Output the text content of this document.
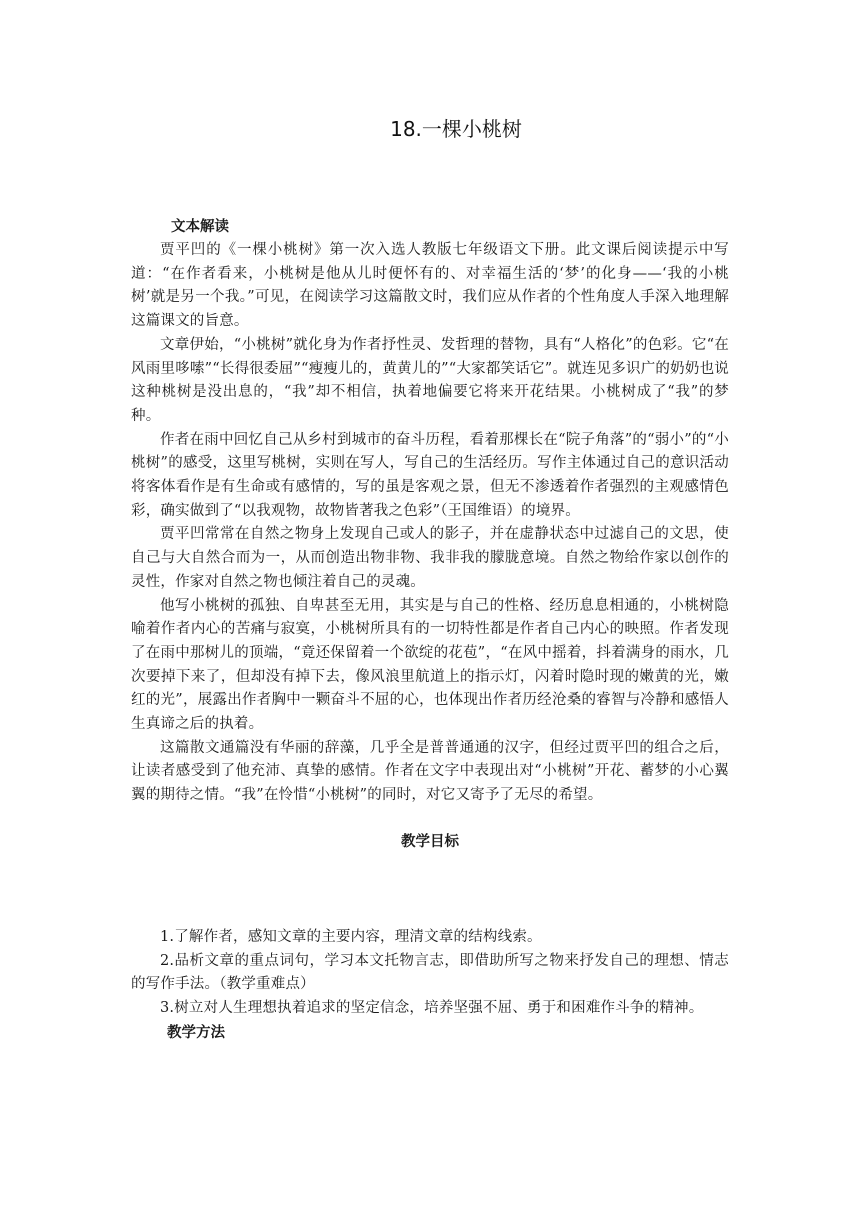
18.一棵小桃树
文本解读

贾平凹的《一棵小桃树》第一次入选人教版七年级语文下册。此文课后阅读提示中写道：“在作者看来，小桃树是他从儿时便怀有的、对幸福生活的‘梦’的化身——‘我的小桃树’就是另一个我。”可见，在阅读学习这篇散文时，我们应从作者的个性角度人手深入地理解这篇课文的旨意。

文章伊始，“小桃树”就化身为作者抒性灵、发哲理的替物，具有“人格化”的色彩。它“在风雨里哆嗦”“长得很委屈”“瘦瘦儿的，黄黄儿的”“大家都笑话它”。就连见多识广的奶奶也说这种桃树是没出息的，“我”却不相信，执着地偏要它将来开花结果。小桃树成了“我”的梦种。

作者在雨中回忆自己从乡村到城市的奋斗历程，看着那棵长在“院子角落”的“弱小”的“小桃树”的感受，这里写桃树，实则在写人，写自己的生活经历。写作主体通过自己的意识活动将客体看作是有生命或有感情的，写的虽是客观之景，但无不渗透着作者强烈的主观感情色彩，确实做到了“以我观物，故物皆著我之色彩”（王国维语）的境界。

贾平凹常常在自然之物身上发现自己或人的影子，并在虚静状态中过滤自己的文思，使自己与大自然合而为一，从而创造出物非物、我非我的朦胧意境。自然之物给作家以创作的灵性，作家对自然之物也倾注着自己的灵魂。

他写小桃树的孤独、自卑甚至无用，其实是与自己的性格、经历息息相通的，小桃树隐喻着作者内心的苦痛与寂寞，小桃树所具有的一切特性都是作者自己内心的映照。作者发现了在雨中那树儿的顶端，“竟还保留着一个欲绽的花苞”，“在风中摇着，抖着满身的雨水，几次要掉下来了，但却没有掉下去，像风浪里航道上的指示灯，闪着时隐时现的嫩黄的光，嫩红的光”，展露出作者胸中一颗奋斗不屈的心，也体现出作者历经沧桑的睿智与冷静和感悟人生真谛之后的执着。

这篇散文通篇没有华丽的辞藻，几乎全是普普通通的汉字，但经过贾平凹的组合之后，让读者感受到了他充沛、真挚的感情。作者在文字中表现出对“小桃树”开花、蓄梦的小心翼翼的期待之情。“我”在怜惜“小桃树”的同时，对它又寄予了无尽的希望。

教学目标

1.了解作者，感知文章的主要内容，理清文章的结构线索。

2.品析文章的重点词句，学习本文托物言志，即借助所写之物来抒发自己的理想、情志的写作手法。（教学重难点）

3.树立对人生理想执着追求的坚定信念，培养坚强不屈、勇于和困难作斗争的精神。

教学方法
